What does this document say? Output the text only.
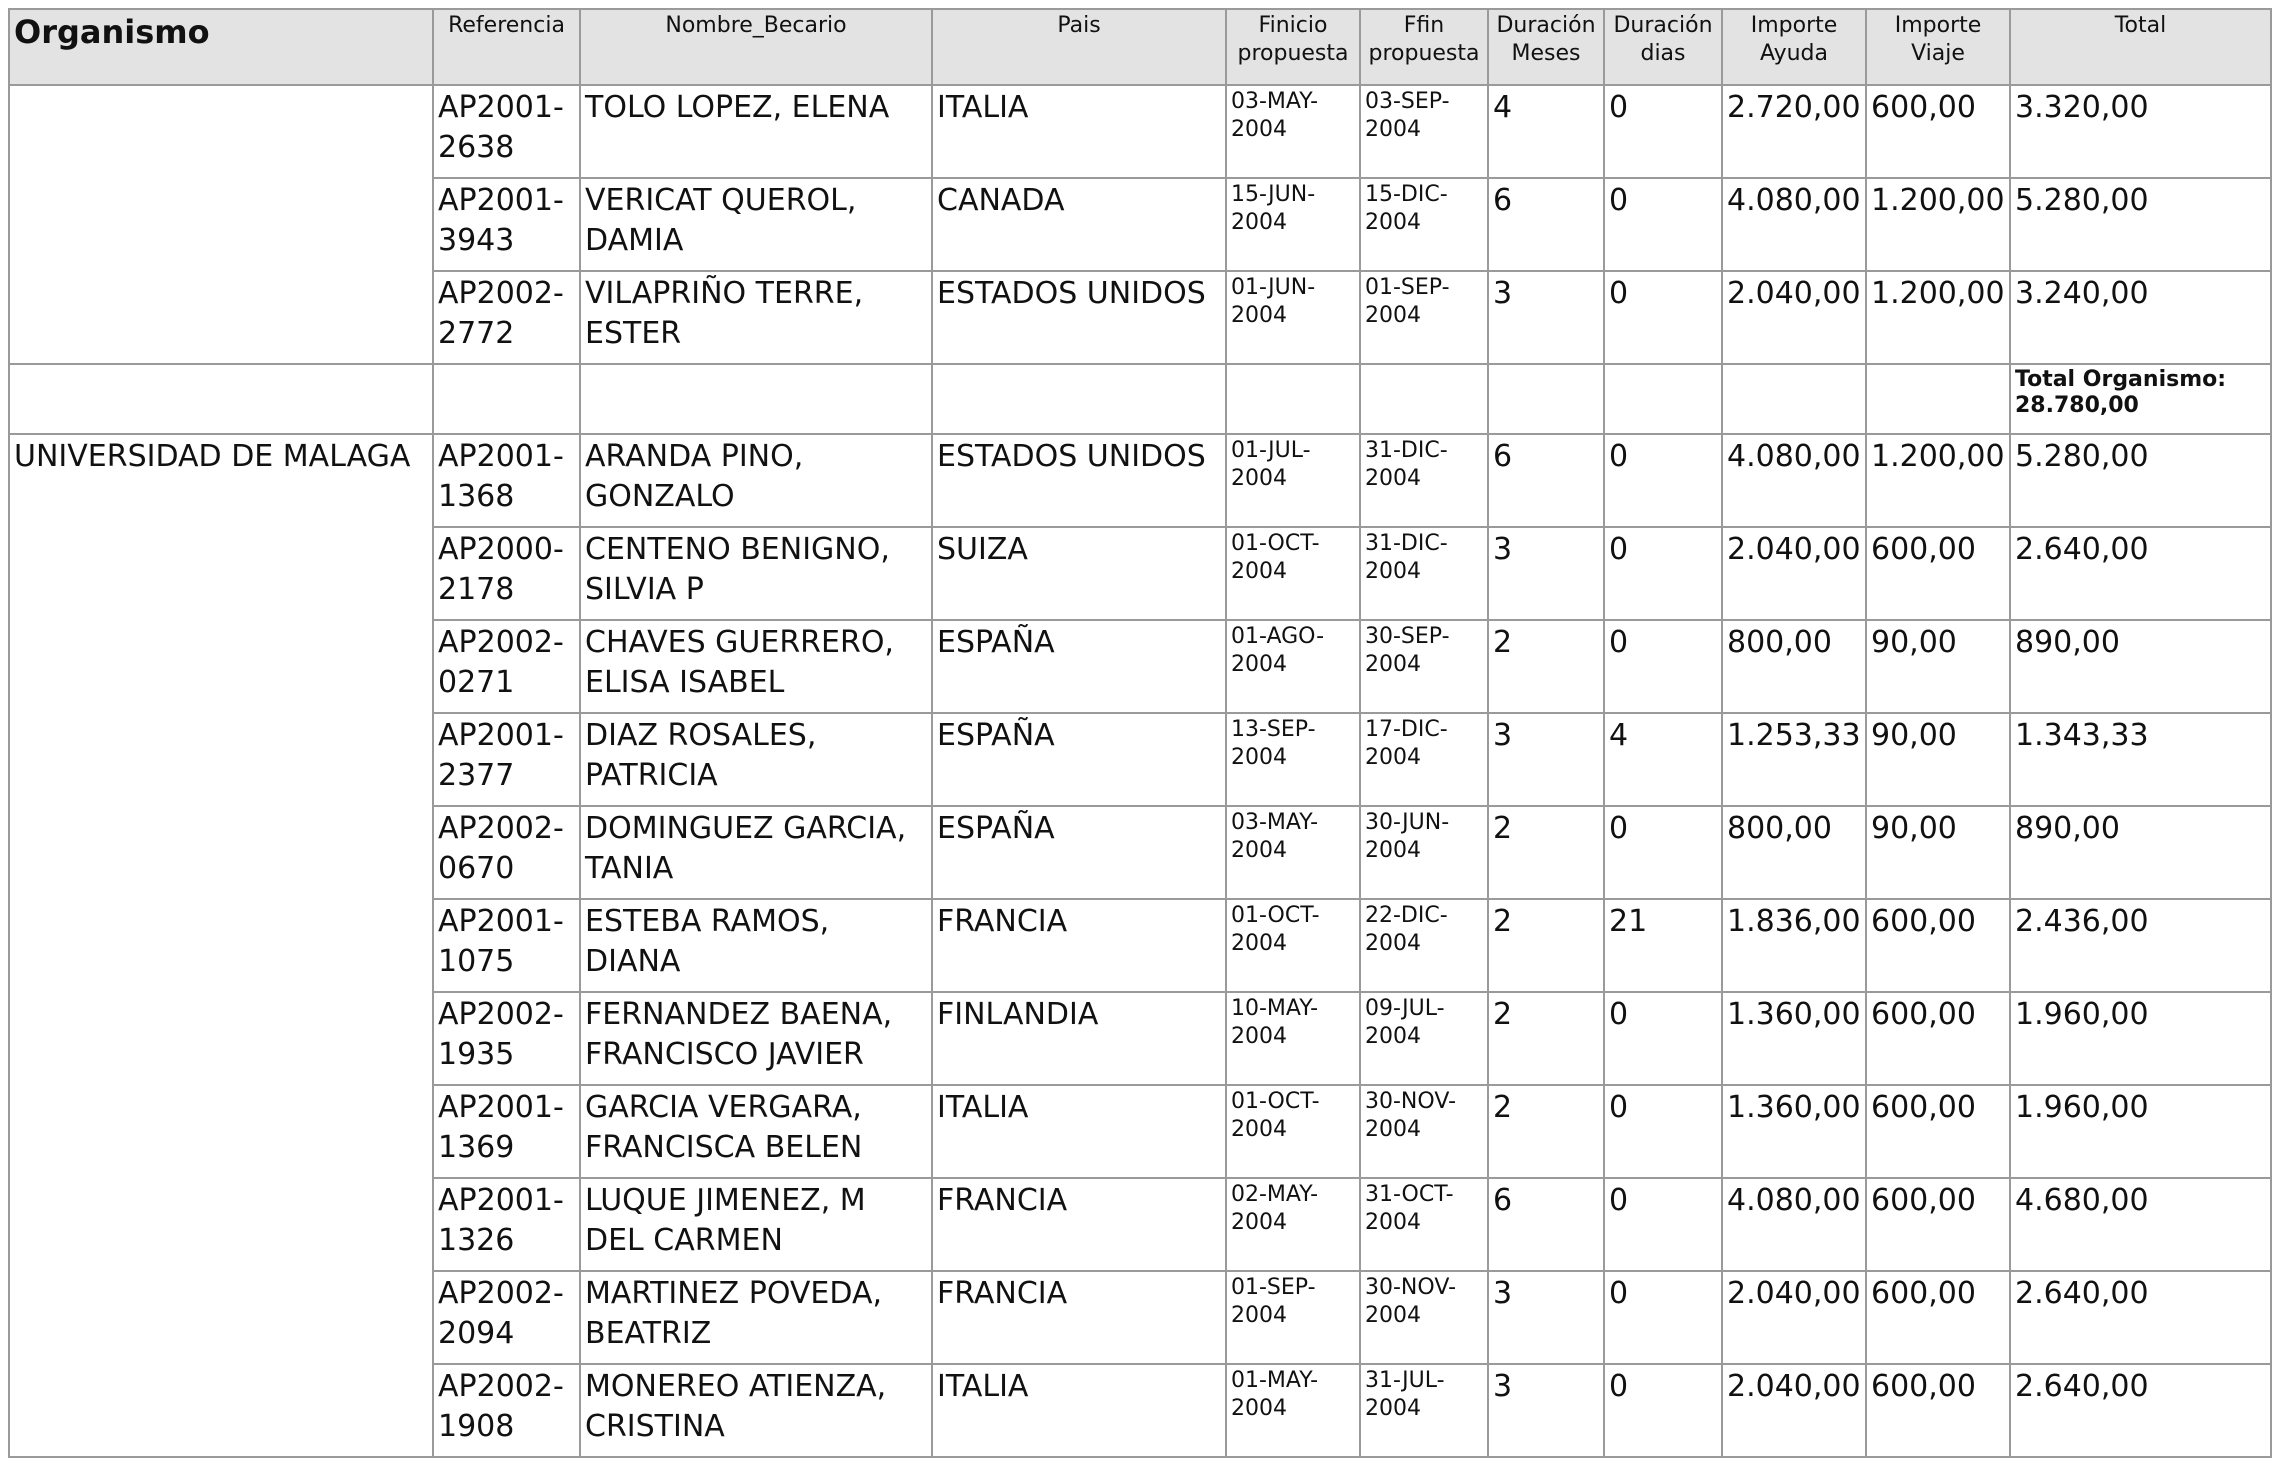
Organismo	Referencia	Nombre_Becario	Pais	Finicio propuesta	Ffin propuesta	Duración Meses	Duración dias	Importe Ayuda	Importe Viaje	Total
	AP2001-2638	TOLO LOPEZ, ELENA	ITALIA	03-MAY-2004	03-SEP-2004	4	0	2.720,00	600,00	3.320,00
	AP2001-3943	VERICAT QUEROL, DAMIA	CANADA	15-JUN-2004	15-DIC-2004	6	0	4.080,00	1.200,00	5.280,00
	AP2002-2772	VILAPRIÑO TERRE, ESTER	ESTADOS UNIDOS	01-JUN-2004	01-SEP-2004	3	0	2.040,00	1.200,00	3.240,00
										Total Organismo: 28.780,00
UNIVERSIDAD DE MALAGA	AP2001-1368	ARANDA PINO, GONZALO	ESTADOS UNIDOS	01-JUL-2004	31-DIC-2004	6	0	4.080,00	1.200,00	5.280,00
	AP2000-2178	CENTENO BENIGNO, SILVIA P	SUIZA	01-OCT-2004	31-DIC-2004	3	0	2.040,00	600,00	2.640,00
	AP2002-0271	CHAVES GUERRERO, ELISA ISABEL	ESPAÑA	01-AGO-2004	30-SEP-2004	2	0	800,00	90,00	890,00
	AP2001-2377	DIAZ ROSALES, PATRICIA	ESPAÑA	13-SEP-2004	17-DIC-2004	3	4	1.253,33	90,00	1.343,33
	AP2002-0670	DOMINGUEZ GARCIA, TANIA	ESPAÑA	03-MAY-2004	30-JUN-2004	2	0	800,00	90,00	890,00
	AP2001-1075	ESTEBA RAMOS, DIANA	FRANCIA	01-OCT-2004	22-DIC-2004	2	21	1.836,00	600,00	2.436,00
	AP2002-1935	FERNANDEZ BAENA, FRANCISCO JAVIER	FINLANDIA	10-MAY-2004	09-JUL-2004	2	0	1.360,00	600,00	1.960,00
	AP2001-1369	GARCIA VERGARA, FRANCISCA BELEN	ITALIA	01-OCT-2004	30-NOV-2004	2	0	1.360,00	600,00	1.960,00
	AP2001-1326	LUQUE JIMENEZ, M DEL CARMEN	FRANCIA	02-MAY-2004	31-OCT-2004	6	0	4.080,00	600,00	4.680,00
	AP2002-2094	MARTINEZ POVEDA, BEATRIZ	FRANCIA	01-SEP-2004	30-NOV-2004	3	0	2.040,00	600,00	2.640,00
	AP2002-1908	MONEREO ATIENZA, CRISTINA	ITALIA	01-MAY-2004	31-JUL-2004	3	0	2.040,00	600,00	2.640,00
